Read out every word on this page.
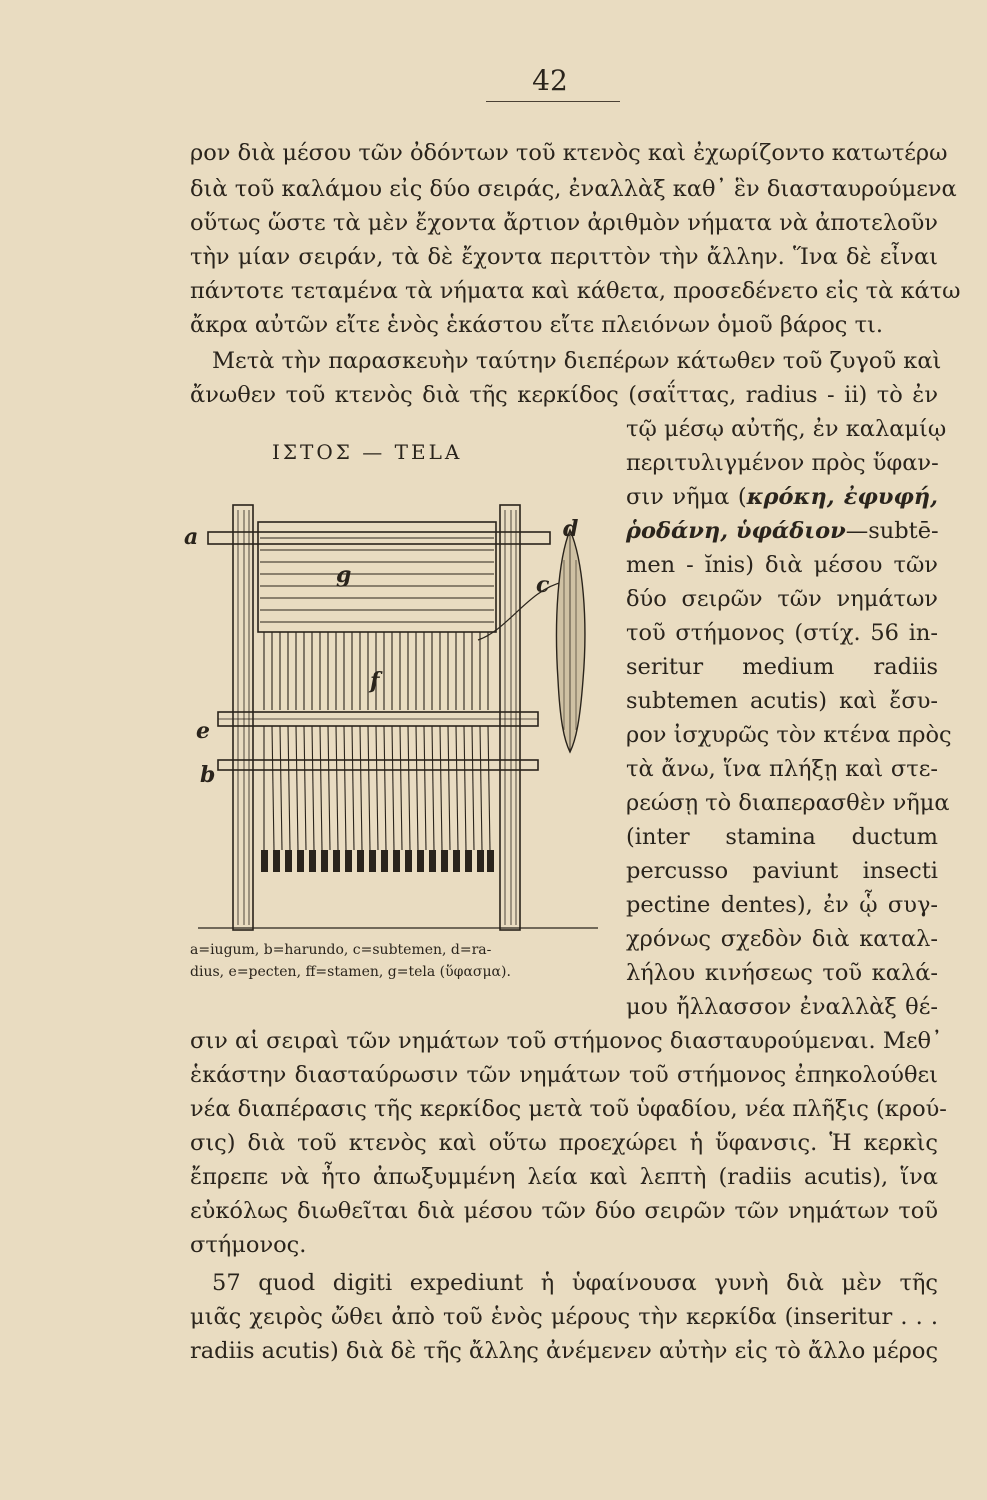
42
ρον διὰ μέσου τῶν ὀδόντων τοῦ κτενὸς καὶ ἐχωρίζοντο κατωτέρω
διὰ τοῦ καλάμου εἰς δύο σειράς, ἐναλλὰξ καθ᾽ ἓν διασταυρούμενα
οὕτως ὥστε τὰ μὲν ἔχοντα ἄρτιον ἀριθμὸν νήματα νὰ ἀποτελοῦν
τὴν μίαν σειράν, τὰ δὲ ἔχοντα περιττὸν τὴν ἄλλην. Ἵνα δὲ εἶναι
πάντοτε τεταμένα τὰ νήματα καὶ κάθετα, προσεδένετο εἰς τὰ κάτω
ἄκρα αὐτῶν εἴτε ἑνὸς ἑκάστου εἴτε πλειόνων ὁμοῦ βάρος τι.
Μετὰ τὴν παρασκευὴν ταύτην διεπέρων κάτωθεν τοῦ ζυγοῦ καὶ
ἄνωθεν τοῦ κτενὸς διὰ τῆς κερκίδος (σαΐττας, radius - ii) τὸ ἐν
τῷ μέσῳ αὐτῆς, ἐν καλαμίῳ
περιτυλιγμένον πρὸς ὕφαν-
σιν νῆμα (κρόκη, ἐφυφή,
ῥοδάνη, ὑφάδιον—subtē-
men - ĭnis) διὰ μέσου τῶν
δύο σειρῶν τῶν νημάτων
τοῦ στήμονος (στίχ. 56 in-
seritur medium radiis
subtemen acutis) καὶ ἔσυ-
ρον ἰσχυρῶς τὸν κτένα πρὸς
τὰ ἄνω, ἵνα πλήξῃ καὶ στε-
ρεώσῃ τὸ διαπερασθὲν νῆμα
(inter stamina ductum
percusso paviunt insecti
pectine dentes), ἐν ᾧ συγ-
χρόνως σχεδὸν διὰ καταλ-
λήλου κινήσεως τοῦ καλά-
μου ἤλλασσον ἐναλλὰξ θέ-
ΙΣΤΟΣ — TELA
a
b
c
d
e
f
g
a=iugum, b=harundo, c=subtemen, d=ra-
dius, e=pecten, ff=stamen, g=tela (ὕφασμα).
σιν αἱ σειραὶ τῶν νημάτων τοῦ στήμονος διασταυρούμεναι. Μεθ᾽
ἑκάστην διασταύρωσιν τῶν νημάτων τοῦ στήμονος ἐπηκολούθει
νέα διαπέρασις τῆς κερκίδος μετὰ τοῦ ὑφαδίου, νέα πλῆξις (κρού-
σις) διὰ τοῦ κτενὸς καὶ οὕτω προεχώρει ἡ ὕφανσις. Ἡ κερκὶς
ἔπρεπε νὰ ἦτο ἀπωξυμμένη λεία καὶ λεπτὴ (radiis acutis), ἵνα
εὐκόλως διωθεῖται διὰ μέσου τῶν δύο σειρῶν τῶν νημάτων τοῦ
στήμονος.
57 quod digiti expediunt ἡ ὑφαίνουσα γυνὴ διὰ μὲν τῆς
μιᾶς χειρὸς ὤθει ἀπὸ τοῦ ἑνὸς μέρους τὴν κερκίδα (inseritur . . .
radiis acutis) διὰ δὲ τῆς ἄλλης ἀνέμενεν αὐτὴν εἰς τὸ ἄλλο μέρος
